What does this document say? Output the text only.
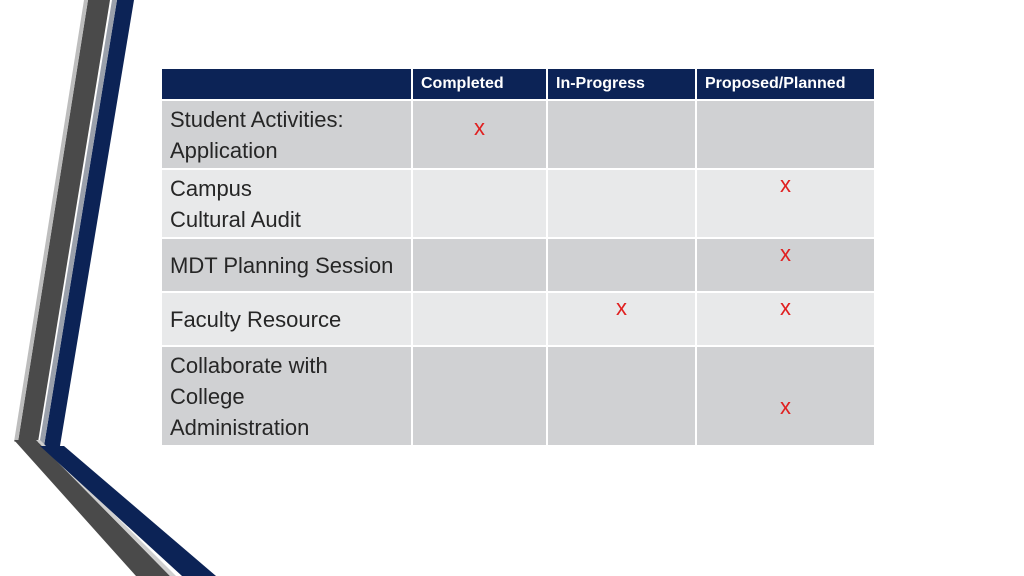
	Completed	In-Progress	Proposed/Planned
Student Activities:
Application	x		
Campus
Cultural Audit			x
MDT Planning Session			x
Faculty Resource		x	x
Collaborate with
College
Administration			x
